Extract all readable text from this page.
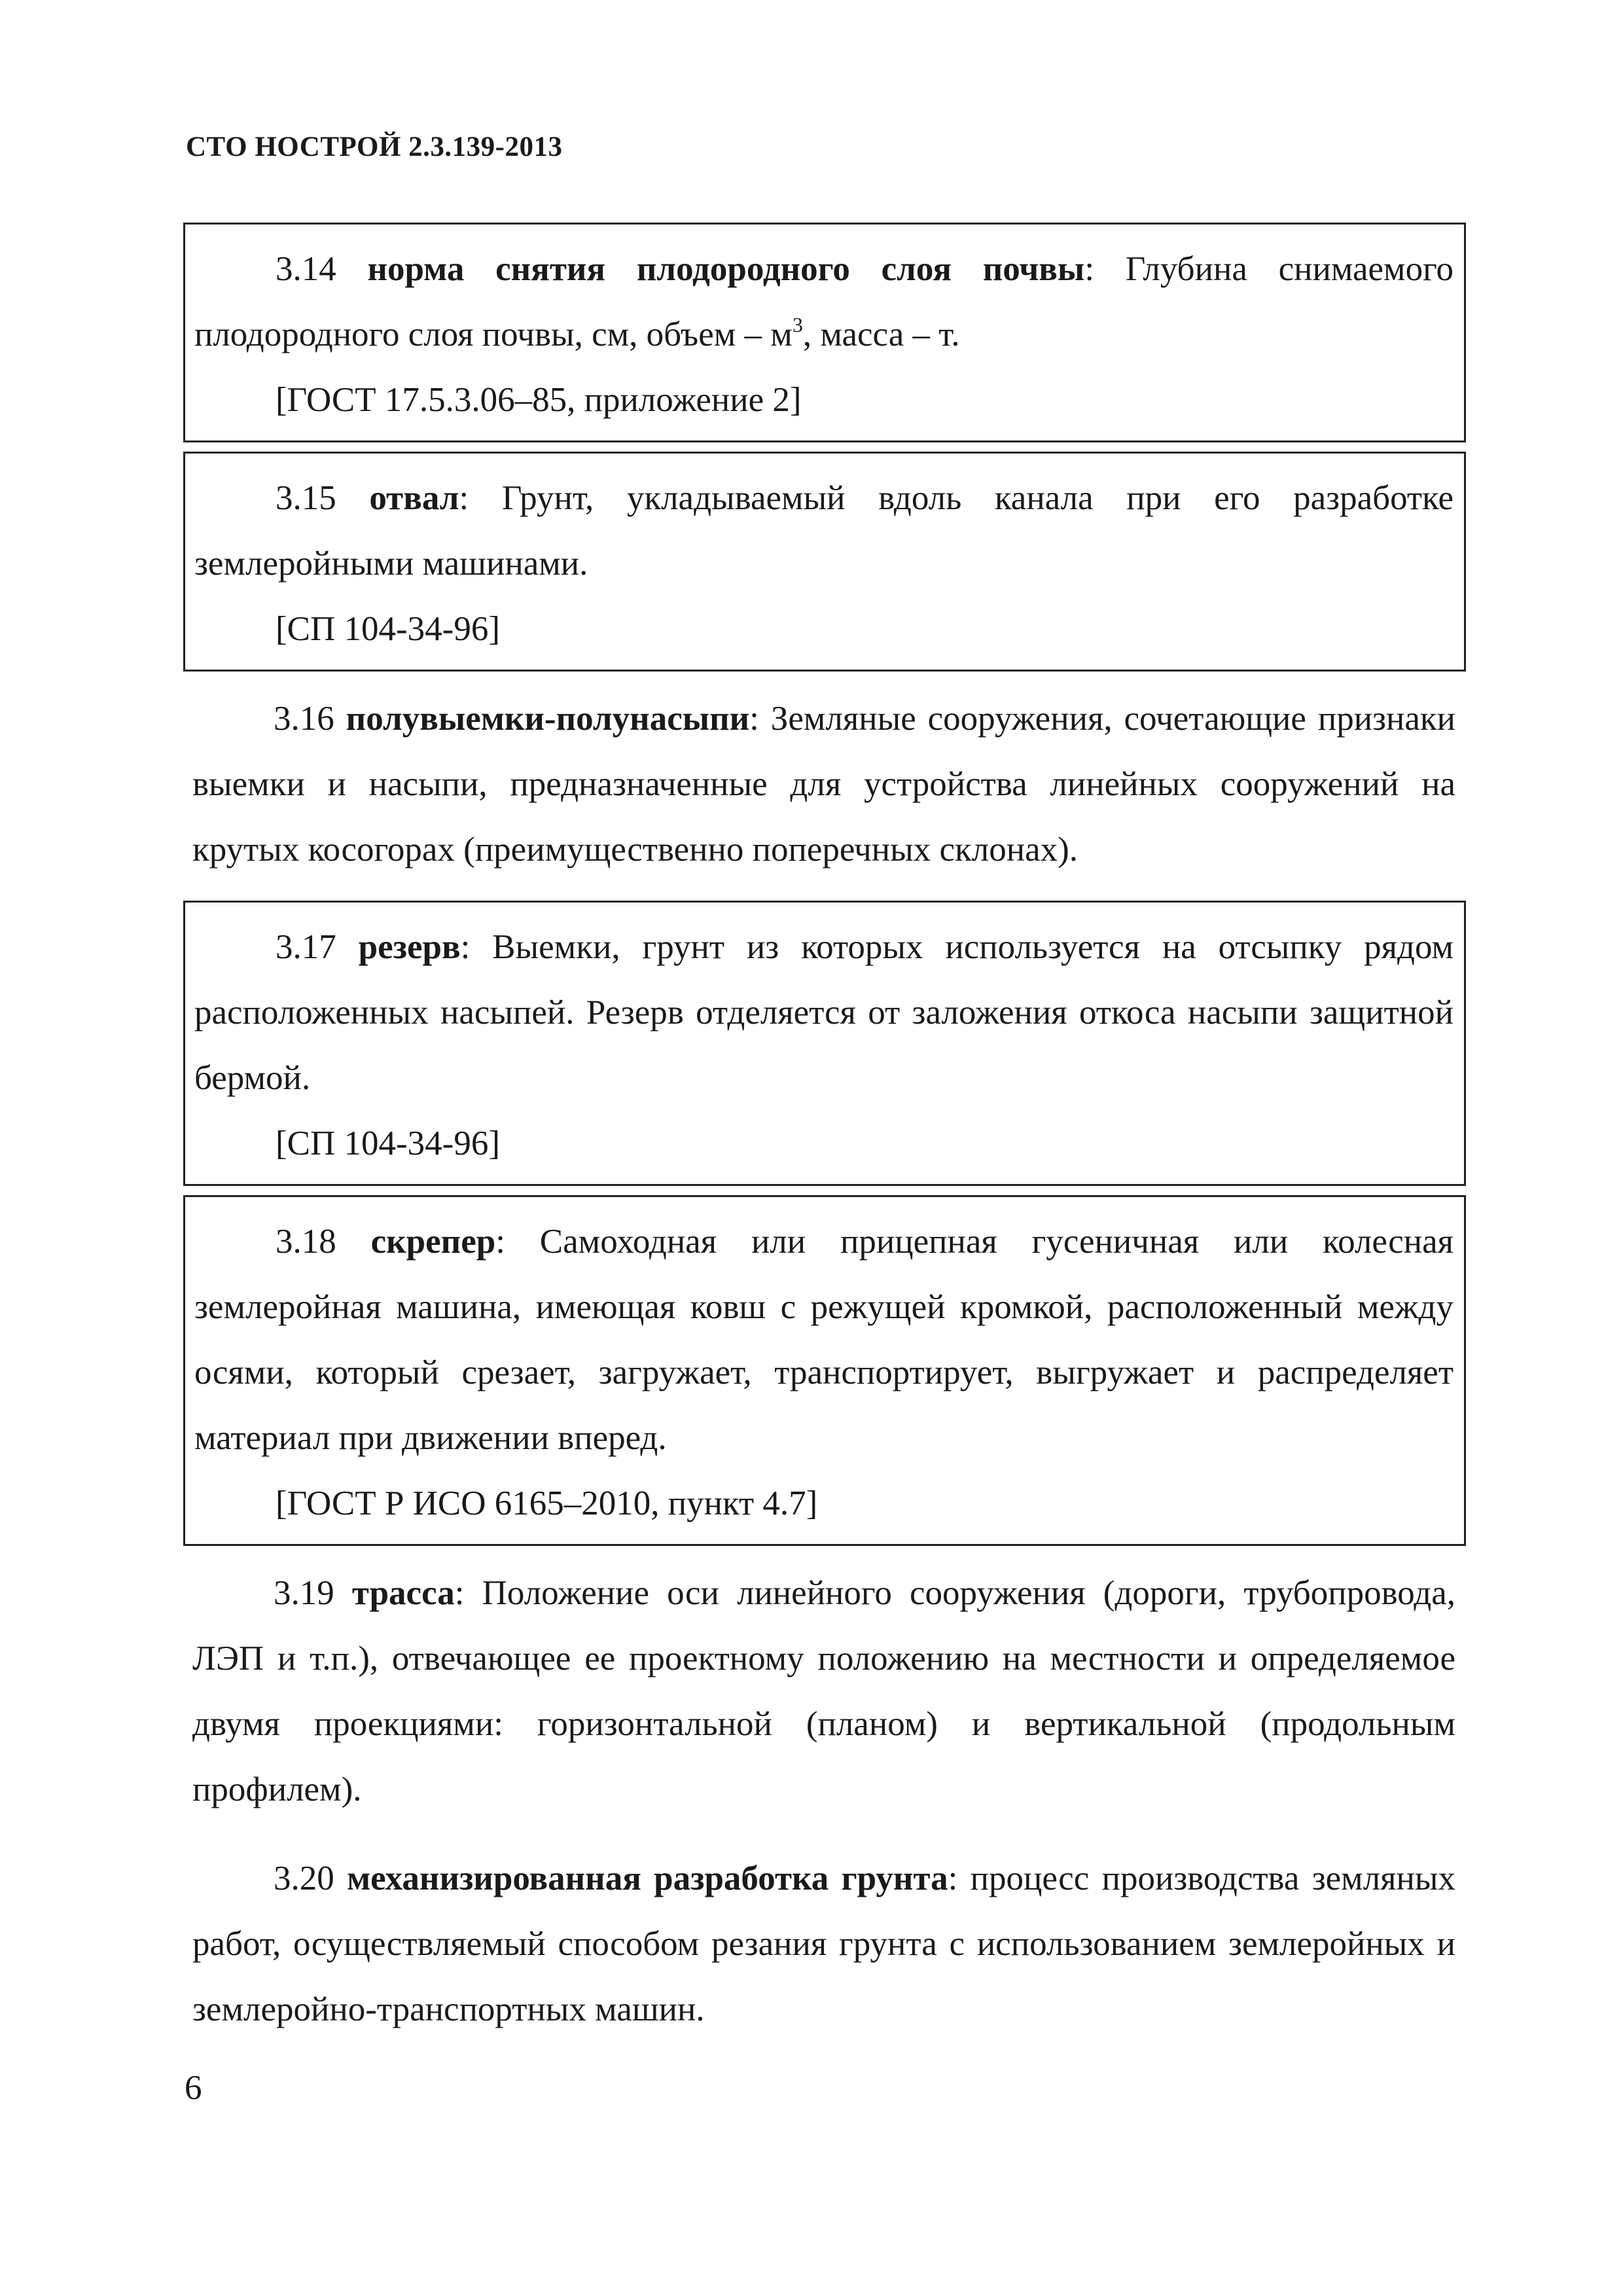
СТО НОСТРОЙ 2.3.139-2013

3.14 норма снятия плодородного слоя почвы: Глубина снимаемого плодородного слоя почвы, см, объем – $м^3$, масса – т.

[ГОСТ 17.5.3.06–85, приложение 2]

3.15 отвал: Грунт, укладываемый вдоль канала при его разработке землеройными машинами.

[СП 104-34-96]

3.16 полувыемки-полунасыпи: Земляные сооружения, сочетающие признаки выемки и насыпи, предназначенные для устройства линейных сооружений на крутых косогорах (преимущественно поперечных склонах).

3.17 резерв: Выемки, грунт из которых используется на отсыпку рядом расположенных насыпей. Резерв отделяется от заложения откоса насыпи защитной бермой.

[СП 104-34-96]

3.18 скрепер: Самоходная или прицепная гусеничная или колесная землеройная машина, имеющая ковш с режущей кромкой, расположенный между осями, который срезает, загружает, транспортирует, выгружает и распределяет материал при движении вперед.

[ГОСТ Р ИСО 6165–2010, пункт 4.7]

3.19 трасса: Положение оси линейного сооружения (дороги, трубопровода, ЛЭП и т.п.), отвечающее ее проектному положению на местности и определяемое двумя проекциями: горизонтальной (планом) и вертикальной (продольным профилем).

3.20 механизированная разработка грунта: процесс производства земляных работ, осуществляемый способом резания грунта с использованием землеройных и землеройно-транспортных машин.

6
